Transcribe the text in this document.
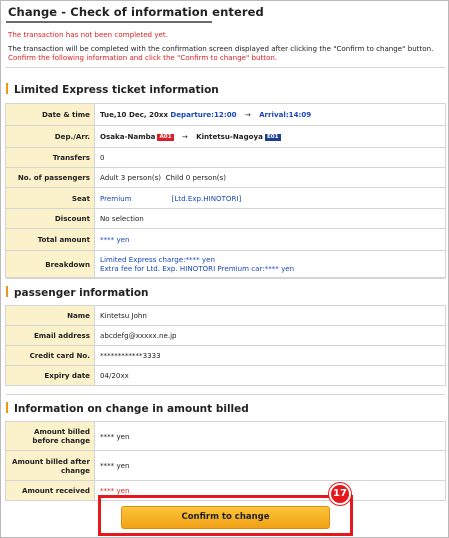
Change - Check of information entered
The transaction has not been completed yet.
The transaction will be completed with the confirmation screen displayed after clicking the "Confirm to change" button.
Confirm the following information and click the "Confirm to change" button.
Limited Express ticket information
Date & time	Tue,10 Dec, 20xx Departure:12:00 → Arrival:14:09
Dep./Arr.	Osaka-Namba A01 → Kintetsu-Nagoya E01
Transfers	0
No. of passengers	Adult 3 person(s) Child 0 person(s)
Seat	Premium [Ltd.Exp.HINOTORI]
Discount	No selection
Total amount	**** yen
Breakdown	Limited Express charge:**** yen
Extra fee for Ltd. Exp. HINOTORI Premium car:**** yen
passenger information
Name	Kintetsu John
Email address	abcdefg@xxxxx.ne.jp
Credit card No.	************3333
Expiry date	04/20xx
Information on change in amount billed
Amount billed before change	**** yen
Amount billed after change	**** yen
Amount received	**** yen
Confirm to change
17
